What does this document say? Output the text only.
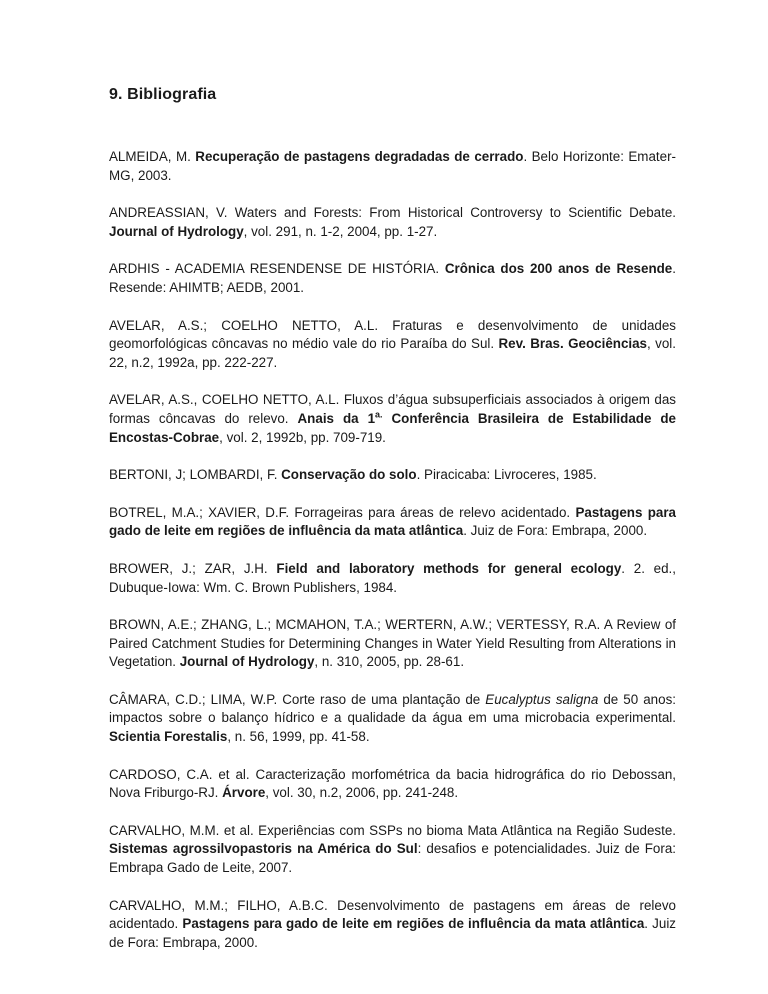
9. Bibliografia

ALMEIDA, M. Recuperação de pastagens degradadas de cerrado. Belo Horizonte: Emater-MG, 2003.

ANDREASSIAN, V. Waters and Forests: From Historical Controversy to Scientific Debate. Journal of Hydrology, vol. 291, n. 1-2, 2004, pp. 1-27.

ARDHIS - ACADEMIA RESENDENSE DE HISTÓRIA. Crônica dos 200 anos de Resende. Resende: AHIMTB; AEDB, 2001.

AVELAR, A.S.; COELHO NETTO, A.L. Fraturas e desenvolvimento de unidades geomorfológicas côncavas no médio vale do rio Paraíba do Sul. Rev. Bras. Geociências, vol. 22, n.2, 1992a, pp. 222-227.

AVELAR, A.S., COELHO NETTO, A.L. Fluxos d’água subsuperficiais associados à origem das formas côncavas do relevo. Anais da $1^{a.}$ Conferência Brasileira de Estabilidade de Encostas-Cobrae, vol. 2, 1992b, pp. 709-719.

BERTONI, J; LOMBARDI, F. Conservação do solo. Piracicaba: Livroceres, 1985.

BOTREL, M.A.; XAVIER, D.F. Forrageiras para áreas de relevo acidentado. Pastagens para gado de leite em regiões de influência da mata atlântica. Juiz de Fora: Embrapa, 2000.

BROWER, J.; ZAR, J.H. Field and laboratory methods for general ecology. 2. ed., Dubuque-Iowa: Wm. C. Brown Publishers, 1984.

BROWN, A.E.; ZHANG, L.; MCMAHON, T.A.; WERTERN, A.W.; VERTESSY, R.A. A Review of Paired Catchment Studies for Determining Changes in Water Yield Resulting from Alterations in Vegetation. Journal of Hydrology, n. 310, 2005, pp. 28-61.

CÂMARA, C.D.; LIMA, W.P. Corte raso de uma plantação de Eucalyptus saligna de 50 anos: impactos sobre o balanço hídrico e a qualidade da água em uma microbacia experimental. Scientia Forestalis, n. 56, 1999, pp. 41-58.

CARDOSO, C.A. et al. Caracterização morfométrica da bacia hidrográfica do rio Debossan, Nova Friburgo-RJ. Árvore, vol. 30, n.2, 2006, pp. 241-248.

CARVALHO, M.M. et al. Experiências com SSPs no bioma Mata Atlântica na Região Sudeste. Sistemas agrossilvopastoris na América do Sul: desafios e potencialidades. Juiz de Fora: Embrapa Gado de Leite, 2007.

CARVALHO, M.M.; FILHO, A.B.C. Desenvolvimento de pastagens em áreas de relevo acidentado. Pastagens para gado de leite em regiões de influência da mata atlântica. Juiz de Fora: Embrapa, 2000.
